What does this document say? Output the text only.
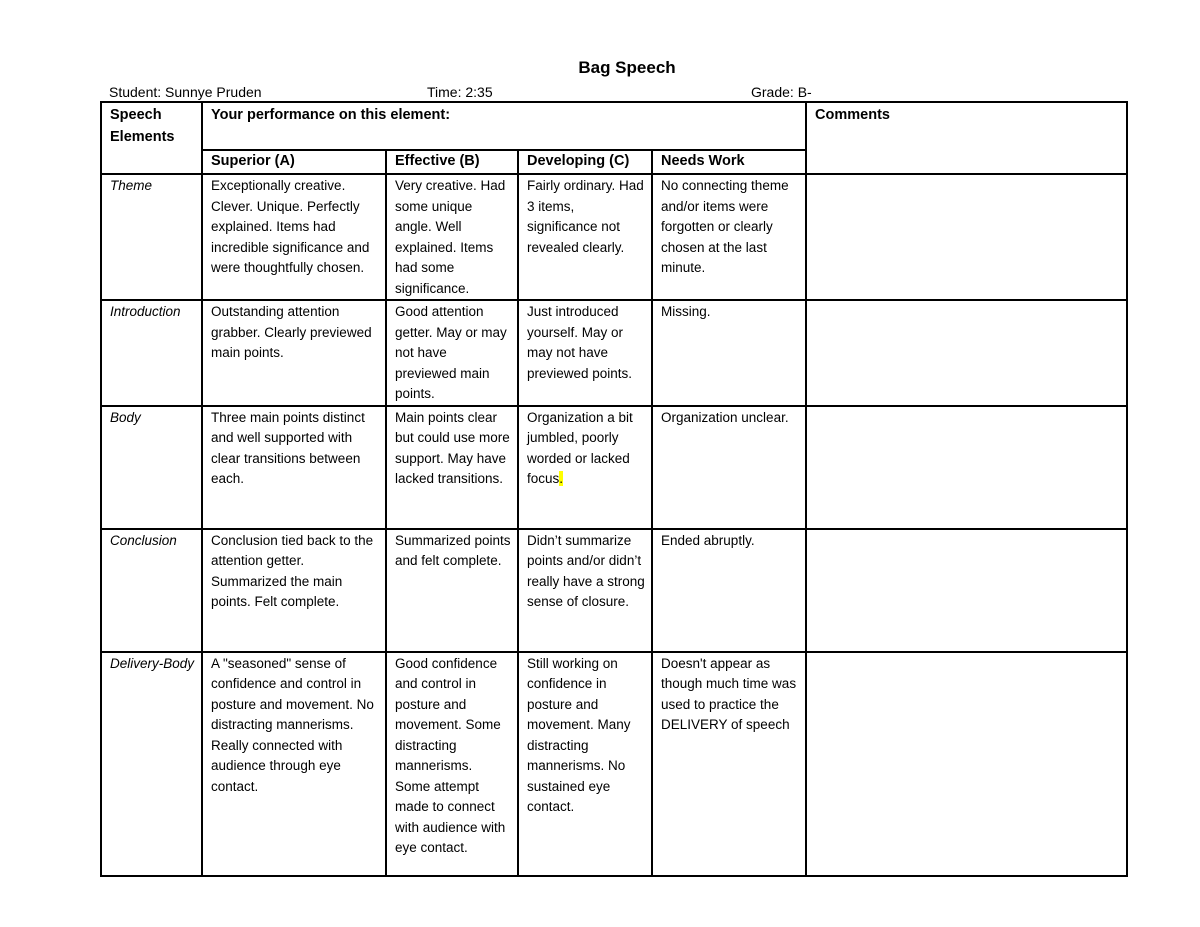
Bag Speech
Student: Sunnye Pruden	Time: 2:35	Grade: B-
Speech Elements	Your performance on this element:				Comments
	Superior (A)	Effective (B)	Developing (C)	Needs Work	
Theme	Exceptionally creative. Clever. Unique. Perfectly explained. Items had incredible significance and were thoughtfully chosen.	Very creative. Had some unique angle. Well explained. Items had some significance.	Fairly ordinary. Had 3 items, significance not revealed clearly.	No connecting theme and/or items were forgotten or clearly chosen at the last minute.	
Introduction	Outstanding attention grabber. Clearly previewed main points.	Good attention getter. May or may not have previewed main points.	Just introduced yourself. May or may not have previewed points.	Missing.	
Body	Three main points distinct and well supported with clear transitions between each.	Main points clear but could use more support. May have lacked transitions.	Organization a bit jumbled, poorly worded or lacked focus.	Organization unclear.	
Conclusion	Conclusion tied back to the attention getter. Summarized the main points. Felt complete.	Summarized points and felt complete.	Didn’t summarize points and/or didn’t really have a strong sense of closure.	Ended abruptly.	
Delivery-Body	A "seasoned" sense of confidence and control in posture and movement. No distracting mannerisms. Really connected with audience through eye contact.	Good confidence and control in posture and movement. Some distracting mannerisms. Some attempt made to connect with audience with eye contact.	Still working on confidence in posture and movement. Many distracting mannerisms. No sustained eye contact.	Doesn't appear as though much time was used to practice the DELIVERY of speech	
